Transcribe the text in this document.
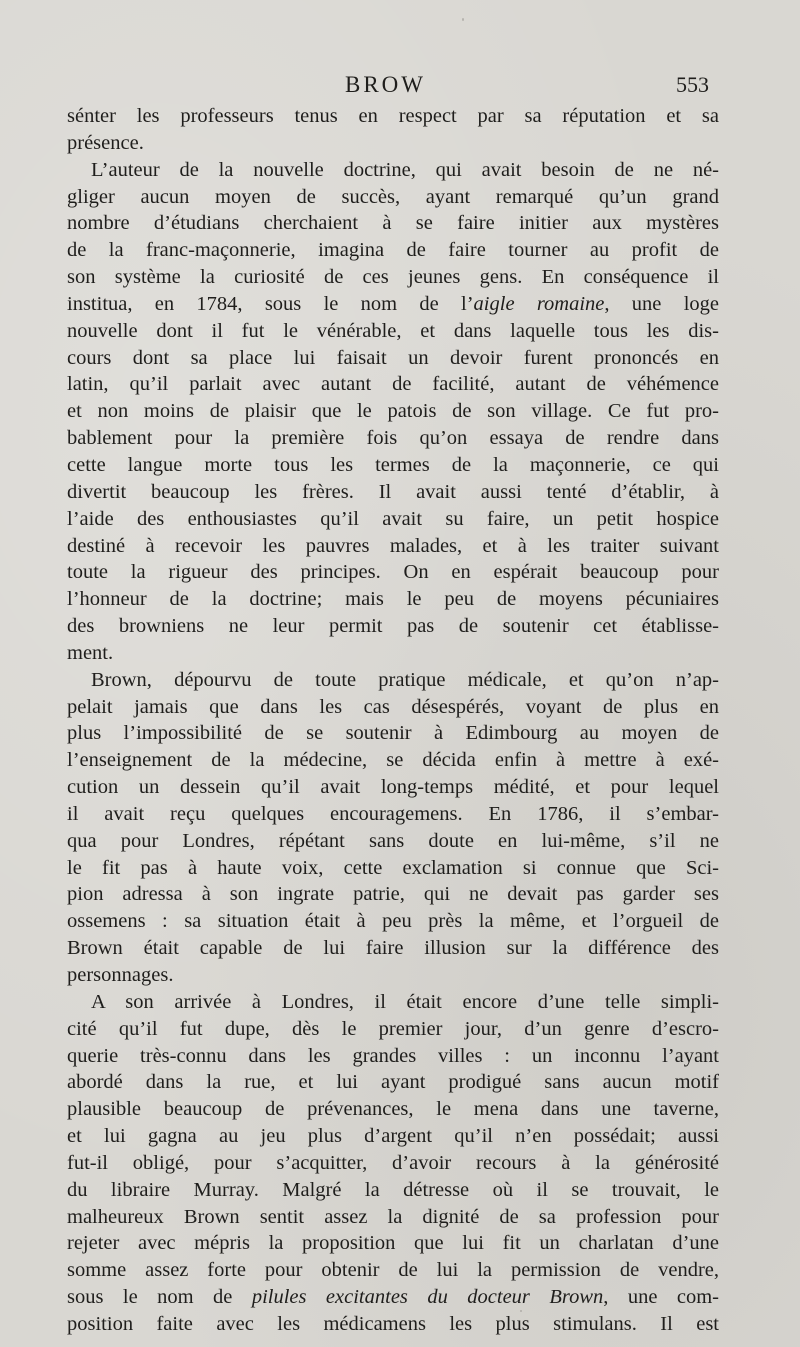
BROW	553
sénter les professeurs tenus en respect par sa réputation et sa
présence.
L’auteur de la nouvelle doctrine, qui avait besoin de ne né-
gliger aucun moyen de succès, ayant remarqué qu’un grand
nombre d’étudians cherchaient à se faire initier aux mystères
de la franc-maçonnerie, imagina de faire tourner au profit de
son système la curiosité de ces jeunes gens. En conséquence il
institua, en 1784, sous le nom de l’aigle romaine, une loge
nouvelle dont il fut le vénérable, et dans laquelle tous les dis-
cours dont sa place lui faisait un devoir furent prononcés en
latin, qu’il parlait avec autant de facilité, autant de véhémence
et non moins de plaisir que le patois de son village. Ce fut pro-
bablement pour la première fois qu’on essaya de rendre dans
cette langue morte tous les termes de la maçonnerie, ce qui
divertit beaucoup les frères. Il avait aussi tenté d’établir, à
l’aide des enthousiastes qu’il avait su faire, un petit hospice
destiné à recevoir les pauvres malades, et à les traiter suivant
toute la rigueur des principes. On en espérait beaucoup pour
l’honneur de la doctrine; mais le peu de moyens pécuniaires
des browniens ne leur permit pas de soutenir cet établisse-
ment.
Brown, dépourvu de toute pratique médicale, et qu’on n’ap-
pelait jamais que dans les cas désespérés, voyant de plus en
plus l’impossibilité de se soutenir à Edimbourg au moyen de
l’enseignement de la médecine, se décida enfin à mettre à exé-
cution un dessein qu’il avait long-temps médité, et pour lequel
il avait reçu quelques encouragemens. En 1786, il s’embar-
qua pour Londres, répétant sans doute en lui-même, s’il ne
le fit pas à haute voix, cette exclamation si connue que Sci-
pion adressa à son ingrate patrie, qui ne devait pas garder ses
ossemens : sa situation était à peu près la même, et l’orgueil de
Brown était capable de lui faire illusion sur la différence des
personnages.
A son arrivée à Londres, il était encore d’une telle simpli-
cité qu’il fut dupe, dès le premier jour, d’un genre d’escro-
querie très-connu dans les grandes villes : un inconnu l’ayant
abordé dans la rue, et lui ayant prodigué sans aucun motif
plausible beaucoup de prévenances, le mena dans une taverne,
et lui gagna au jeu plus d’argent qu’il n’en possédait; aussi
fut-il obligé, pour s’acquitter, d’avoir recours à la générosité
du libraire Murray. Malgré la détresse où il se trouvait, le
malheureux Brown sentit assez la dignité de sa profession pour
rejeter avec mépris la proposition que lui fit un charlatan d’une
somme assez forte pour obtenir de lui la permission de vendre,
sous le nom de pilules excitantes du docteur Brown, une com-
position faite avec les médicamens les plus stimulans. Il est
